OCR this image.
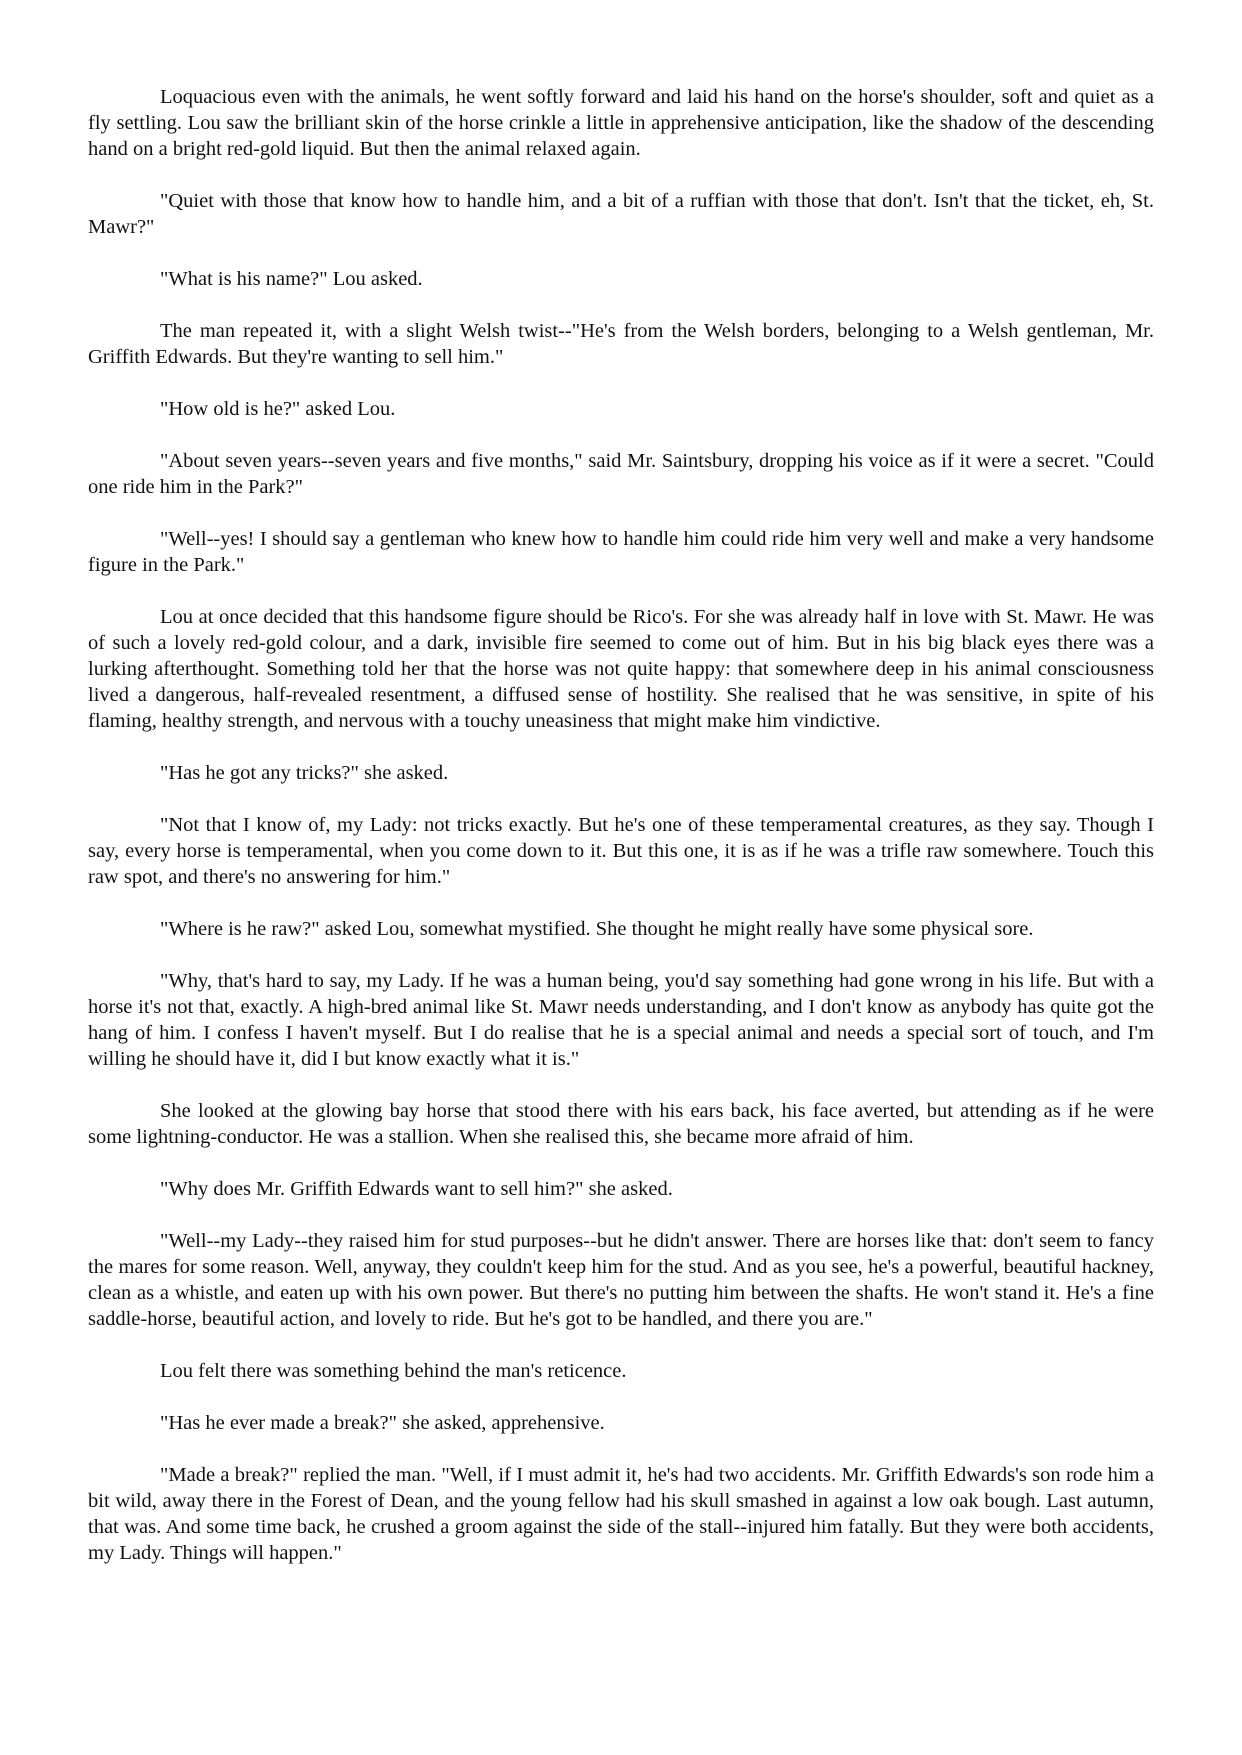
Loquacious even with the animals, he went softly forward and laid his hand on the horse's shoulder, soft and quiet as a fly settling. Lou saw the brilliant skin of the horse crinkle a little in apprehensive anticipation, like the shadow of the descending hand on a bright red-gold liquid. But then the animal relaxed again.

"Quiet with those that know how to handle him, and a bit of a ruffian with those that don't. Isn't that the ticket, eh, St. Mawr?"

"What is his name?" Lou asked.

The man repeated it, with a slight Welsh twist--"He's from the Welsh borders, belonging to a Welsh gentleman, Mr. Griffith Edwards. But they're wanting to sell him."

"How old is he?" asked Lou.

"About seven years--seven years and five months," said Mr. Saintsbury, dropping his voice as if it were a secret. "Could one ride him in the Park?"

"Well--yes! I should say a gentleman who knew how to handle him could ride him very well and make a very handsome figure in the Park."

Lou at once decided that this handsome figure should be Rico's. For she was already half in love with St. Mawr. He was of such a lovely red-gold colour, and a dark, invisible fire seemed to come out of him. But in his big black eyes there was a lurking afterthought. Something told her that the horse was not quite happy: that somewhere deep in his animal consciousness lived a dangerous, half-revealed resentment, a diffused sense of hostility. She realised that he was sensitive, in spite of his flaming, healthy strength, and nervous with a touchy uneasiness that might make him vindictive.

"Has he got any tricks?" she asked.

"Not that I know of, my Lady: not tricks exactly. But he's one of these temperamental creatures, as they say. Though I say, every horse is temperamental, when you come down to it. But this one, it is as if he was a trifle raw somewhere. Touch this raw spot, and there's no answering for him."

"Where is he raw?" asked Lou, somewhat mystified. She thought he might really have some physical sore.

"Why, that's hard to say, my Lady. If he was a human being, you'd say something had gone wrong in his life. But with a horse it's not that, exactly. A high-bred animal like St. Mawr needs understanding, and I don't know as anybody has quite got the hang of him. I confess I haven't myself. But I do realise that he is a special animal and needs a special sort of touch, and I'm willing he should have it, did I but know exactly what it is."

She looked at the glowing bay horse that stood there with his ears back, his face averted, but attending as if he were some lightning-conductor. He was a stallion. When she realised this, she became more afraid of him.

"Why does Mr. Griffith Edwards want to sell him?" she asked.

"Well--my Lady--they raised him for stud purposes--but he didn't answer. There are horses like that: don't seem to fancy the mares for some reason. Well, anyway, they couldn't keep him for the stud. And as you see, he's a powerful, beautiful hackney, clean as a whistle, and eaten up with his own power. But there's no putting him between the shafts. He won't stand it. He's a fine saddle-horse, beautiful action, and lovely to ride. But he's got to be handled, and there you are."

Lou felt there was something behind the man's reticence.

"Has he ever made a break?" she asked, apprehensive.

"Made a break?" replied the man. "Well, if I must admit it, he's had two accidents. Mr. Griffith Edwards's son rode him a bit wild, away there in the Forest of Dean, and the young fellow had his skull smashed in against a low oak bough. Last autumn, that was. And some time back, he crushed a groom against the side of the stall--injured him fatally. But they were both accidents, my Lady. Things will happen."
